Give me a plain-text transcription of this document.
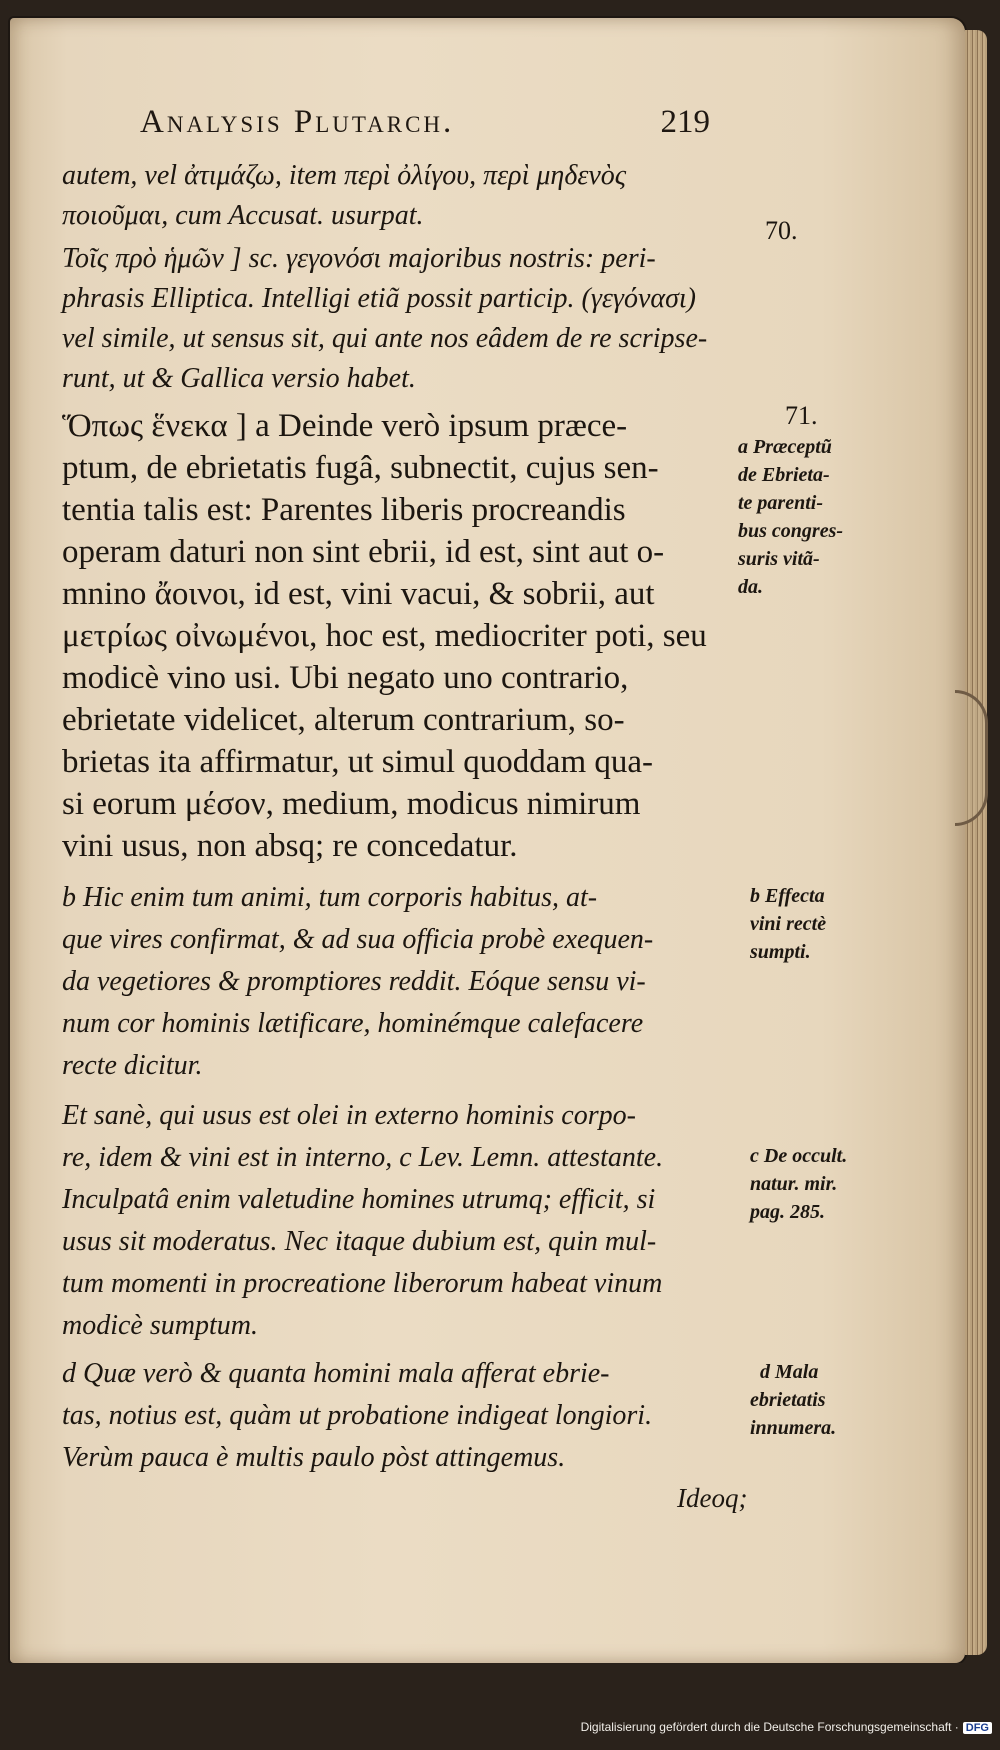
Analysis Plutarch.	219
autem, vel ἀτιμάζω, item περὶ ὀλίγου, περὶ μηδενὸς
ποιοῦμαι, cum Accusat. usurpat.
Τοῖς πρὸ ἡμῶν ] sc. γεγονόσι majoribus nostris: peri-
phrasis Elliptica. Intelligi etiã possit particip. (γεγόνασι)
vel simile, ut sensus sit, qui ante nos eâdem de re scripse-
runt, ut & Gallica versio habet.
Ὅπως ἕνεκα ] a Deinde verò ipsum præce-
ptum, de ebrietatis fugâ, subnectit, cujus sen-
tentia talis est: Parentes liberis procreandis
operam daturi non sint ebrii, id est, sint aut o-
mnino ἄοινοι, id est, vini vacui, & sobrii, aut
μετρίως οἰνωμένοι, hoc est, mediocriter poti, seu
modicè vino usi. Ubi negato uno contrario,
ebrietate videlicet, alterum contrarium, so-
brietas ita affirmatur, ut simul quoddam qua-
si eorum μέσον, medium, modicus nimirum
vini usus, non absq; re concedatur.
b Hic enim tum animi, tum corporis habitus, at-
que vires confirmat, & ad sua officia probè exequen-
da vegetiores & promptiores reddit. Eóque sensu vi-
num cor hominis lætificare, hominémque calefacere
recte dicitur.
Et sanè, qui usus est olei in externo hominis corpo-
re, idem & vini est in interno, c Lev. Lemn. attestante.
Inculpatâ enim valetudine homines utrumq; efficit, si
usus sit moderatus. Nec itaque dubium est, quin mul-
tum momenti in procreatione liberorum habeat vinum
modicè sumptum.
d Quæ verò & quanta homini mala afferat ebrie-
tas, notius est, quàm ut probatione indigeat longiori.
Verùm pauca è multis paulo pòst attingemus.
Ideoq;
70.
71.
a Præceptũ
de Ebrieta-
te parenti-
bus congres-
suris vitã-
da.
b Effecta
vini rectè
sumpti.
c De occult.
natur. mir.
pag. 285.
d Mala
ebrietatis
innumera.
Digitalisierung gefördert durch die Deutsche Forschungsgemeinschaft · DFG
